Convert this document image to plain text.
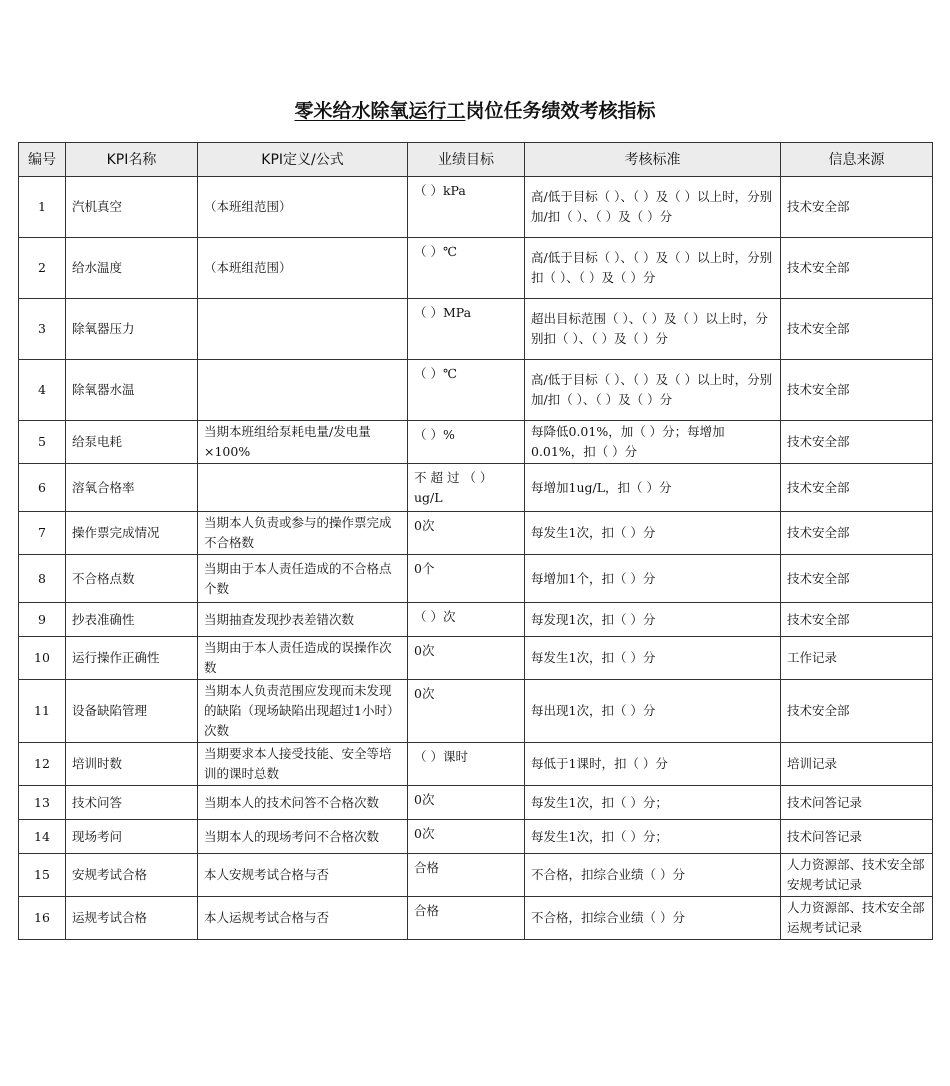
零米给水除氧运行工岗位任务绩效考核指标
编号	KPI名称	KPI定义/公式	业绩目标	考核标准	信息来源
1	汽机真空	（本班组范围）	（ ）kPa	高/低于目标（ ）、（ ）及（ ）以上时，分别加/扣（ ）、（ ）及（ ）分	技术安全部
2	给水温度	（本班组范围）	（ ）℃	高/低于目标（ ）、（ ）及（ ）以上时，分别扣（ ）、（ ）及（ ）分	技术安全部
3	除氧器压力		（ ）MPa	超出目标范围（ ）、（ ）及（ ）以上时，分别扣（ ）、（ ）及（ ）分	技术安全部
4	除氧器水温		（ ）℃	高/低于目标（ ）、（ ）及（ ）以上时，分别加/扣（ ）、（ ）及（ ）分	技术安全部
5	给泵电耗	当期本班组给泵耗电量/发电量×100%	（ ）%	每降低0.01%，加（ ）分；每增加0.01%，扣（ ）分	技术安全部
6	溶氧合格率		不 超 过 （ ）ug/L	每增加1ug/L，扣（ ）分	技术安全部
7	操作票完成情况	当期本人负责或参与的操作票完成不合格数	0次	每发生1次，扣（ ）分	技术安全部
8	不合格点数	当期由于本人责任造成的不合格点个数	0个	每增加1个，扣（ ）分	技术安全部
9	抄表准确性	当期抽查发现抄表差错次数	（ ）次	每发现1次，扣（ ）分	技术安全部
10	运行操作正确性	当期由于本人责任造成的误操作次数	0次	每发生1次，扣（ ）分	工作记录
11	设备缺陷管理	当期本人负责范围应发现而未发现的缺陷（现场缺陷出现超过1小时）次数	0次	每出现1次，扣（ ）分	技术安全部
12	培训时数	当期要求本人接受技能、安全等培训的课时总数	（ ）课时	每低于1课时，扣（ ）分	培训记录
13	技术问答	当期本人的技术问答不合格次数	0次	每发生1次，扣（ ）分；	技术问答记录
14	现场考问	当期本人的现场考问不合格次数	0次	每发生1次，扣（ ）分；	技术问答记录
15	安规考试合格	本人安规考试合格与否	合格	不合格，扣综合业绩（ ）分	人力资源部、技术安全部安规考试记录
16	运规考试合格	本人运规考试合格与否	合格	不合格，扣综合业绩（ ）分	人力资源部、技术安全部运规考试记录
